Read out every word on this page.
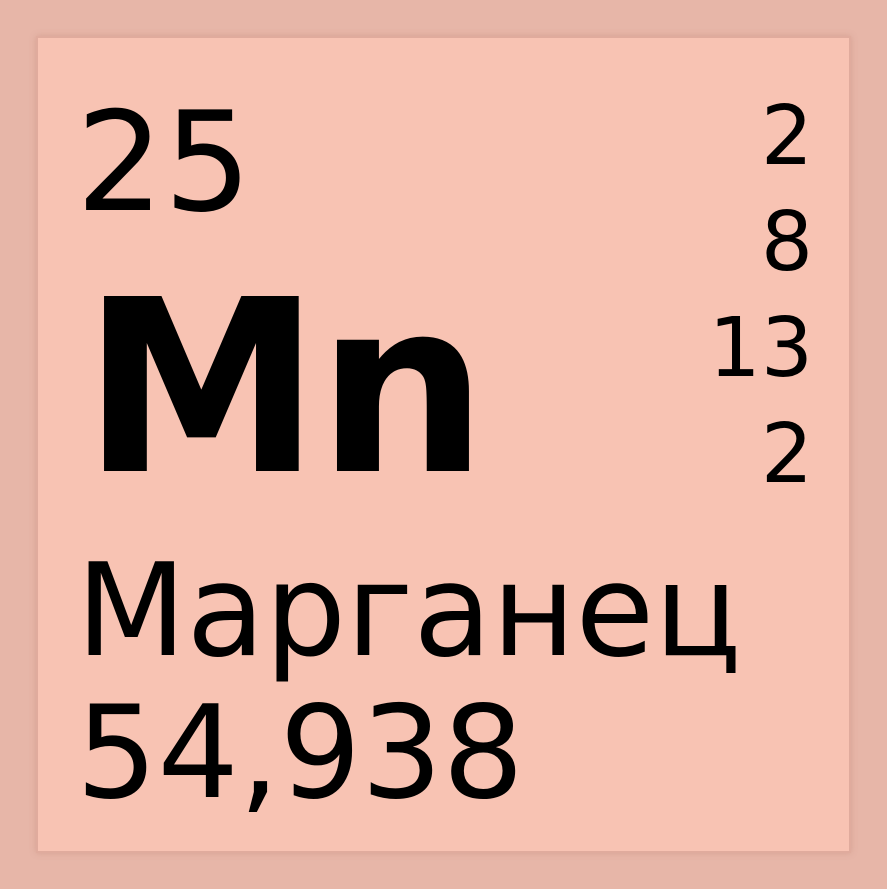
25
Mn
Марганец
54,938
2
8
13
2
